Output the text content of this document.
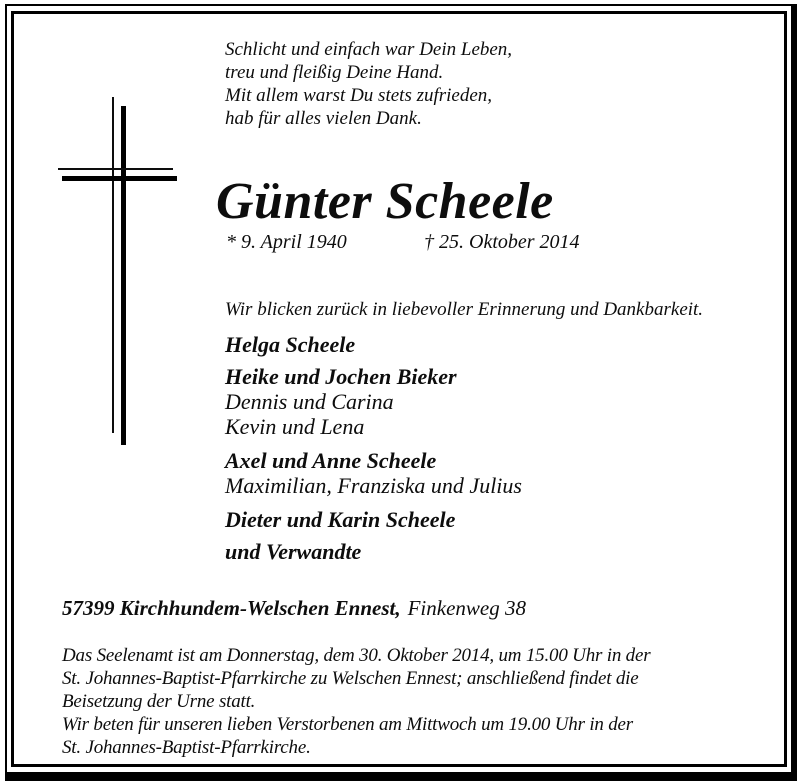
Schlicht und einfach war Dein Leben,
treu und fleißig Deine Hand.
Mit allem warst Du stets zufrieden,
hab für alles vielen Dank.
Günter Scheele
* 9. April 1940	† 25. Oktober 2014
Wir blicken zurück in liebevoller Erinnerung und Dankbarkeit.
Helga Scheele
Heike und Jochen Bieker
Dennis und Carina
Kevin und Lena
Axel und Anne Scheele
Maximilian, Franziska und Julius
Dieter und Karin Scheele
und Verwandte
57399 Kirchhundem-Welschen Ennest, Finkenweg 38
Das Seelenamt ist am Donnerstag, dem 30. Oktober 2014, um 15.00 Uhr in der
St. Johannes-Baptist-Pfarrkirche zu Welschen Ennest; anschließend findet die
Beisetzung der Urne statt.
Wir beten für unseren lieben Verstorbenen am Mittwoch um 19.00 Uhr in der
St. Johannes-Baptist-Pfarrkirche.
